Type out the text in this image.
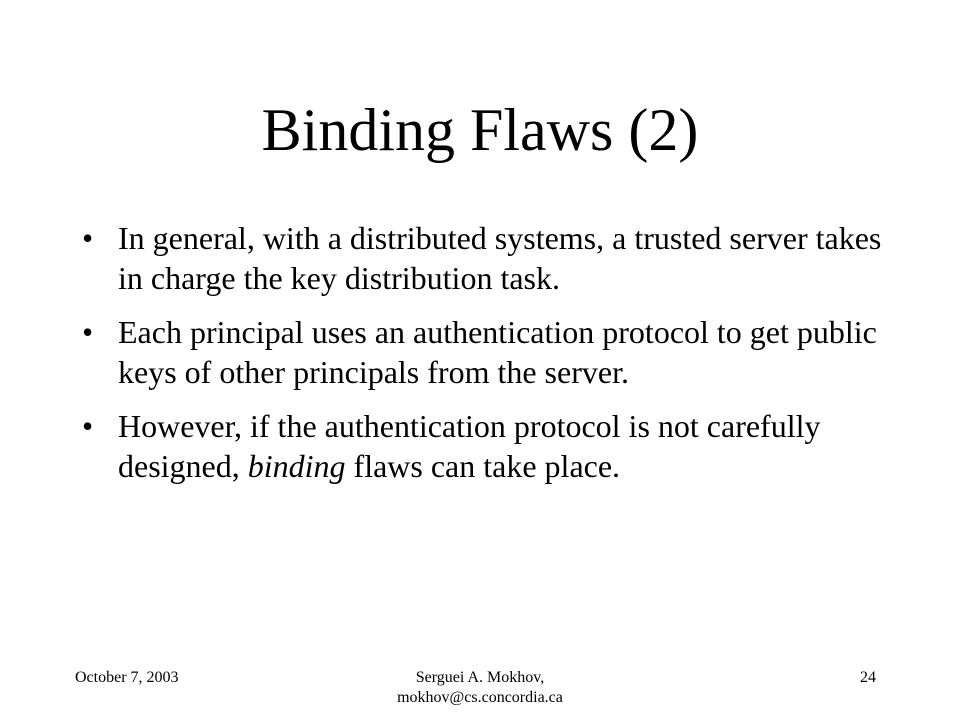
Binding Flaws (2)
• In general, with a distributed systems, a trusted server takes in charge the key distribution task.
• Each principal uses an authentication protocol to get public keys of other principals from the server.
• However, if the authentication protocol is not carefully designed, binding flaws can take place.
October 7, 2003	Serguei A. Mokhov,
mokhov@cs.concordia.ca
24
